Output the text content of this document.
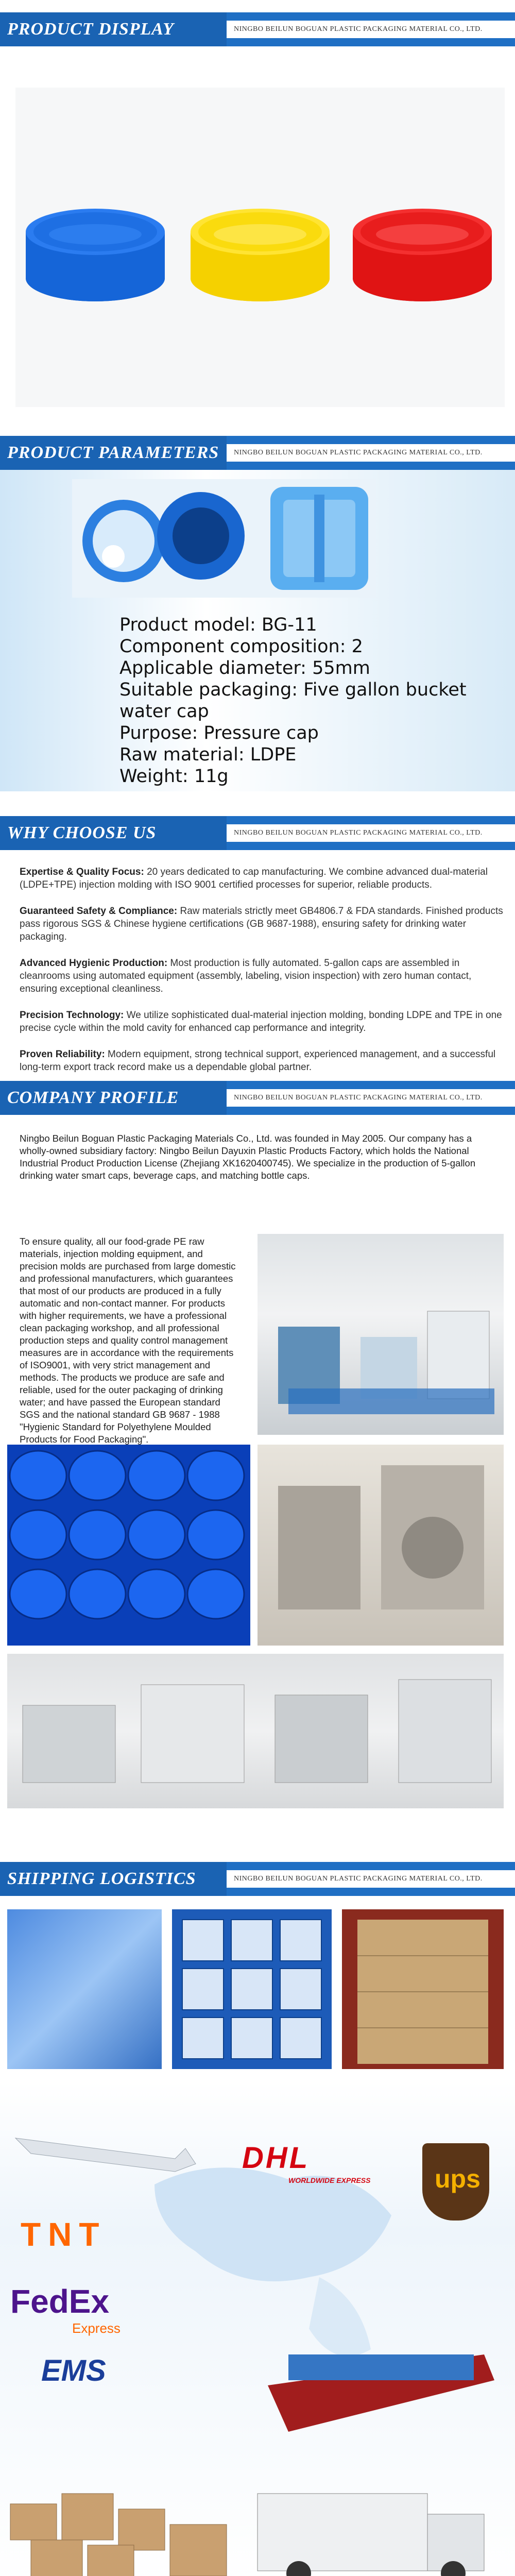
PRODUCT DISPLAY	NINGBO BEILUN BOGUAN PLASTIC PACKAGING MATERIAL CO., LTD.
PRODUCT PARAMETERS	NINGBO BEILUN BOGUAN PLASTIC PACKAGING MATERIAL CO., LTD.
Product model: BG-11
Component composition: 2
Applicable diameter: 55mm
Suitable packaging: Five gallon bucket water cap
Purpose: Pressure cap
Raw material: LDPE
Weight: 11g
WHY CHOOSE US	NINGBO BEILUN BOGUAN PLASTIC PACKAGING MATERIAL CO., LTD.
Expertise & Quality Focus: 20 years dedicated to cap manufacturing. We combine advanced dual-material (LDPE+TPE) injection molding with ISO 9001 certified processes for superior, reliable products.
Guaranteed Safety & Compliance: Raw materials strictly meet GB4806.7 & FDA standards. Finished products pass rigorous SGS & Chinese hygiene certifications (GB 9687-1988), ensuring safety for drinking water packaging.
Advanced Hygienic Production: Most production is fully automated. 5-gallon caps are assembled in cleanrooms using automated equipment (assembly, labeling, vision inspection) with zero human contact, ensuring exceptional cleanliness.
Precision Technology: We utilize sophisticated dual-material injection molding, bonding LDPE and TPE in one precise cycle within the mold cavity for enhanced cap performance and integrity.
Proven Reliability: Modern equipment, strong technical support, experienced management, and a successful long-term export track record make us a dependable global partner.
COMPANY PROFILE	NINGBO BEILUN BOGUAN PLASTIC PACKAGING MATERIAL CO., LTD.
Ningbo Beilun Boguan Plastic Packaging Materials Co., Ltd. was founded in May 2005. Our company has a wholly-owned subsidiary factory: Ningbo Beilun Dayuxin Plastic Products Factory, which holds the National Industrial Product Production License (Zhejiang XK1620400745). We specialize in the production of 5-gallon drinking water smart caps, beverage caps, and matching bottle caps.
To ensure quality, all our food-grade PE raw materials, injection molding equipment, and precision molds are purchased from large domestic and professional manufacturers, which guarantees that most of our products are produced in a fully automatic and non-contact manner. For products with higher requirements, we have a professional clean packaging workshop, and all professional production steps and quality control management measures are in accordance with the requirements of ISO9001, with very strict management and methods. The products we produce are safe and reliable, used for the outer packaging of drinking water; and have passed the European standard SGS and the national standard GB 9687 - 1988 "Hygienic Standard for Polyethylene Moulded Products for Food Packaging".
SHIPPING LOGISTICS	NINGBO BEILUN BOGUAN PLASTIC PACKAGING MATERIAL CO., LTD.
DHL
WORLDWIDE EXPRESS ups
TNT
FedEx
Express
EMS
